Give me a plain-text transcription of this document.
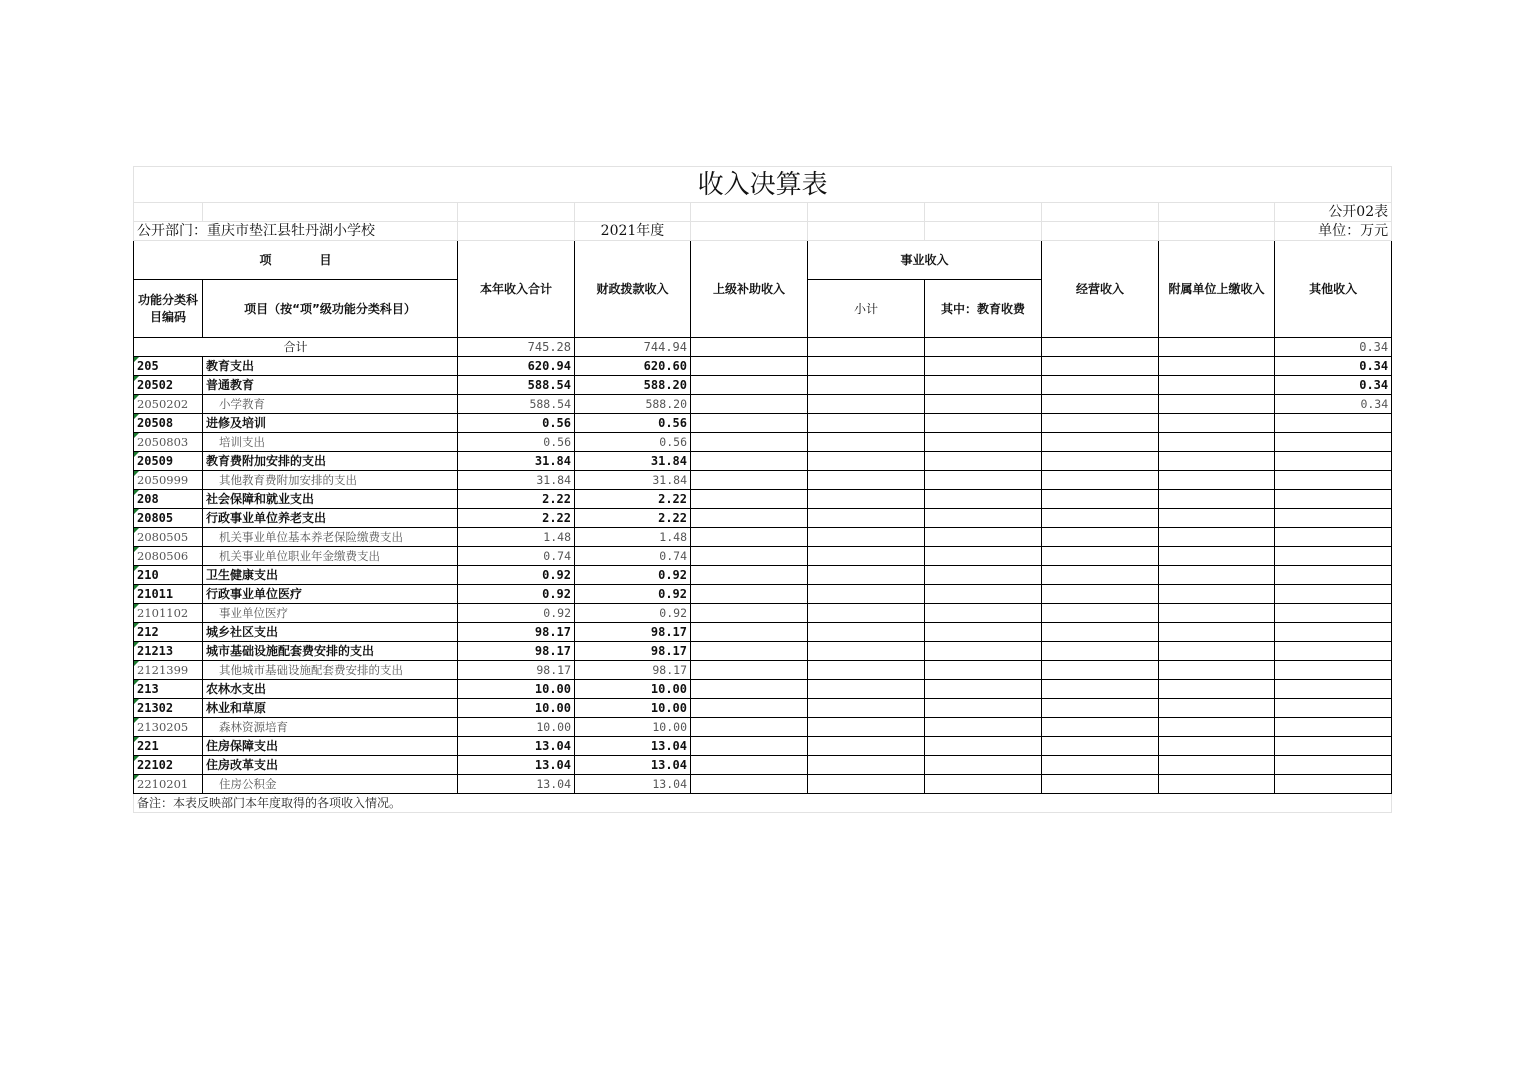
收入决算表									
									公开02表
公开部门：重庆市垫江县牡丹湖小学校			2021年度						单位：万元
项　　　　目		本年收入合计	财政拨款收入	上级补助收入	事业收入		经营收入	附属单位上缴收入	其他收入
功能分类科目编码	项目（按“项”级功能分类科目）								
					小计	其中：教育收费			
合计		745.28	744.94						0.34
205	教育支出	620.94	620.60						0.34
20502	普通教育	588.54	588.20						0.34
2050202	小学教育	588.54	588.20						0.34
20508	进修及培训	0.56	0.56						
2050803	培训支出	0.56	0.56						
20509	教育费附加安排的支出	31.84	31.84						
2050999	其他教育费附加安排的支出	31.84	31.84						
208	社会保障和就业支出	2.22	2.22						
20805	行政事业单位养老支出	2.22	2.22						
2080505	机关事业单位基本养老保险缴费支出	1.48	1.48						
2080506	机关事业单位职业年金缴费支出	0.74	0.74						
210	卫生健康支出	0.92	0.92						
21011	行政事业单位医疗	0.92	0.92						
2101102	事业单位医疗	0.92	0.92						
212	城乡社区支出	98.17	98.17						
21213	城市基础设施配套费安排的支出	98.17	98.17						
2121399	其他城市基础设施配套费安排的支出	98.17	98.17						
213	农林水支出	10.00	10.00						
21302	林业和草原	10.00	10.00						
2130205	森林资源培育	10.00	10.00						
221	住房保障支出	13.04	13.04						
22102	住房改革支出	13.04	13.04						
2210201	住房公积金	13.04	13.04						
备注：本表反映部门本年度取得的各项收入情况。									
